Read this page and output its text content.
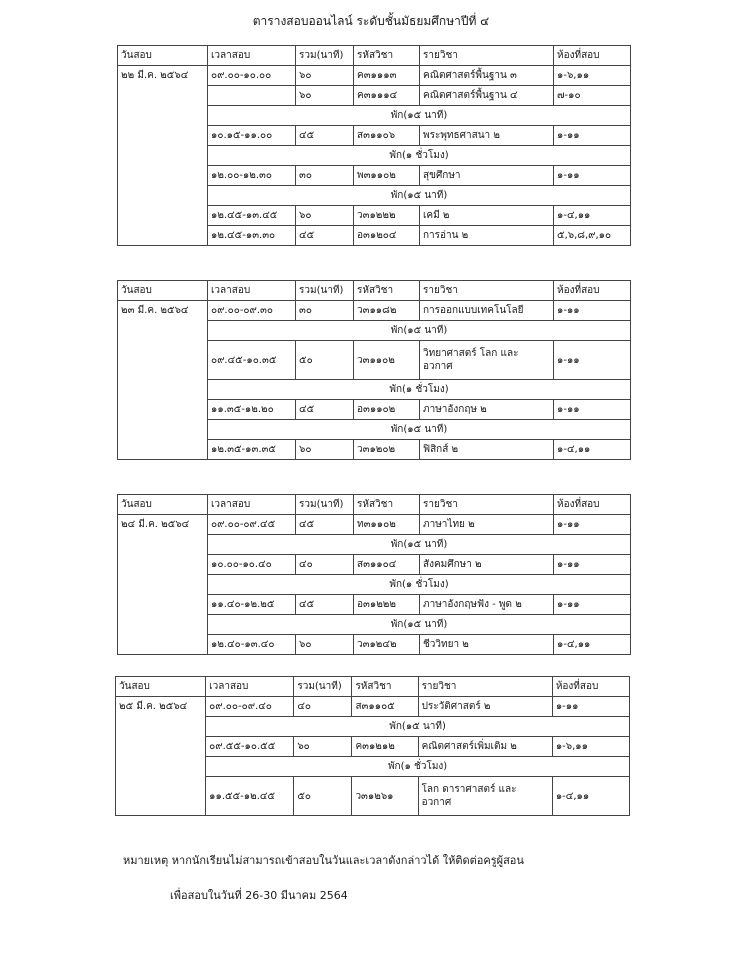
ตารางสอบออนไลน์ ระดับชั้นมัธยมศึกษาปีที่ ๔
วันสอบ	เวลาสอบ	รวม(นาที)	รหัสวิชา	รายวิชา	ห้องที่สอบ
๒๒ มี.ค. ๒๕๖๔	๐๙.๐๐-๑๐.๐๐	๖๐	ค๓๑๑๑๓	คณิตศาสตร์พื้นฐาน ๓	๑-๖,๑๑
		๖๐	ค๓๑๑๑๔	คณิตศาสตร์พื้นฐาน ๔	๗-๑๐
	พัก(๑๕ นาที)				
	๑๐.๑๕-๑๑.๐๐	๔๕	ส๓๑๑๐๖	พระพุทธศาสนา ๒	๑-๑๑
	พัก(๑ ชั่วโมง)				
	๑๒.๐๐-๑๒.๓๐	๓๐	พ๓๑๑๐๒	สุขศึกษา	๑-๑๑
	พัก(๑๕ นาที)				
	๑๒.๔๕-๑๓.๔๕	๖๐	ว๓๑๒๒๒	เคมี ๒	๑-๔,๑๑
	๑๒.๔๕-๑๓.๓๐	๔๕	อ๓๑๒๐๔	การอ่าน ๒	๕,๖,๘,๙,๑๐
วันสอบ	เวลาสอบ	รวม(นาที)	รหัสวิชา	รายวิชา	ห้องที่สอบ
๒๓ มี.ค. ๒๕๖๔	๐๙.๐๐-๐๙.๓๐	๓๐	ว๓๑๑๘๒	การออกแบบเทคโนโลยี	๑-๑๑
	พัก(๑๕ นาที)				
	๐๙.๔๕-๑๐.๓๕	๕๐	ว๓๑๑๐๒	วิทยาศาสตร์ โลก และ อวกาศ	๑-๑๑
	พัก(๑ ชั่วโมง)				
	๑๑.๓๕-๑๒.๒๐	๔๕	อ๓๑๑๐๒	ภาษาอังกฤษ ๒	๑-๑๑
	พัก(๑๕ นาที)				
	๑๒.๓๕-๑๓.๓๕	๖๐	ว๓๑๒๐๒	ฟิสิกส์ ๒	๑-๔,๑๑
วันสอบ	เวลาสอบ	รวม(นาที)	รหัสวิชา	รายวิชา	ห้องที่สอบ
๒๔ มี.ค. ๒๕๖๔	๐๙.๐๐-๐๙.๔๕	๔๕	ท๓๑๑๐๒	ภาษาไทย ๒	๑-๑๑
	พัก(๑๕ นาที)				
	๑๐.๐๐-๑๐.๔๐	๔๐	ส๓๑๑๐๔	สังคมศึกษา ๒	๑-๑๑
	พัก(๑ ชั่วโมง)				
	๑๑.๔๐-๑๒.๒๕	๔๕	อ๓๑๒๒๒	ภาษาอังกฤษฟัง - พูด ๒	๑-๑๑
	พัก(๑๕ นาที)				
	๑๒.๔๐-๑๓.๔๐	๖๐	ว๓๑๒๔๒	ชีววิทยา ๒	๑-๔,๑๑
วันสอบ	เวลาสอบ	รวม(นาที)	รหัสวิชา	รายวิชา	ห้องที่สอบ
๒๕ มี.ค. ๒๕๖๔	๐๙.๐๐-๐๙.๔๐	๔๐	ส๓๑๑๐๕	ประวัติศาสตร์ ๒	๑-๑๑
	พัก(๑๕ นาที)				
	๐๙.๕๕-๑๐.๕๕	๖๐	ค๓๑๒๑๒	คณิตศาสตร์เพิ่มเติม ๒	๑-๖,๑๑
	พัก(๑ ชั่วโมง)				
	๑๑.๕๕-๑๒.๔๕	๕๐	ว๓๑๒๖๑	โลก ดาราศาสตร์ และ อวกาศ	๑-๔,๑๑
หมายเหตุ หากนักเรียนไม่สามารถเข้าสอบในวันและเวลาดังกล่าวได้ ให้ติดต่อครูผู้สอน
เพื่อสอบในวันที่ 26-30 มีนาคม 2564
